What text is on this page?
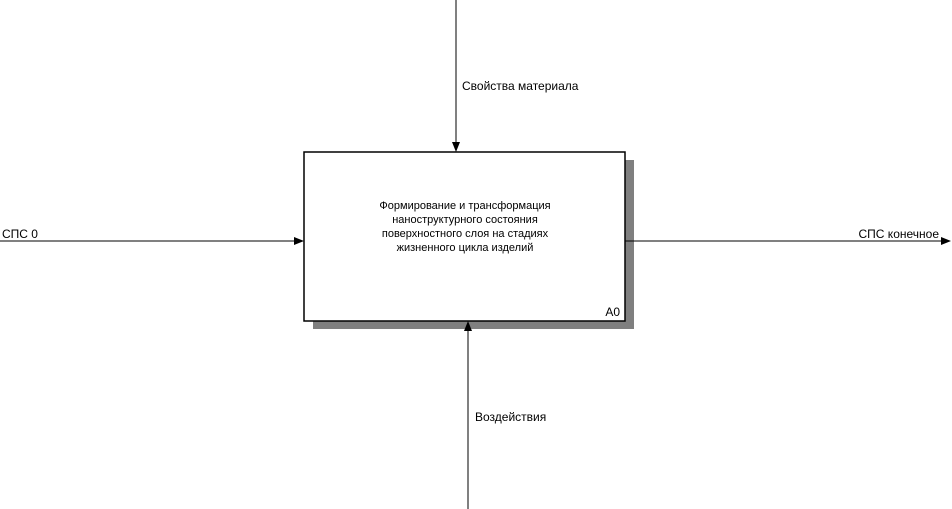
Формирование и трансформация
наноструктурного состояния
поверхностного слоя на стадиях
жизненного цикла изделий
A0
Свойства материала
СПС 0	СПС конечное
Воздействия
